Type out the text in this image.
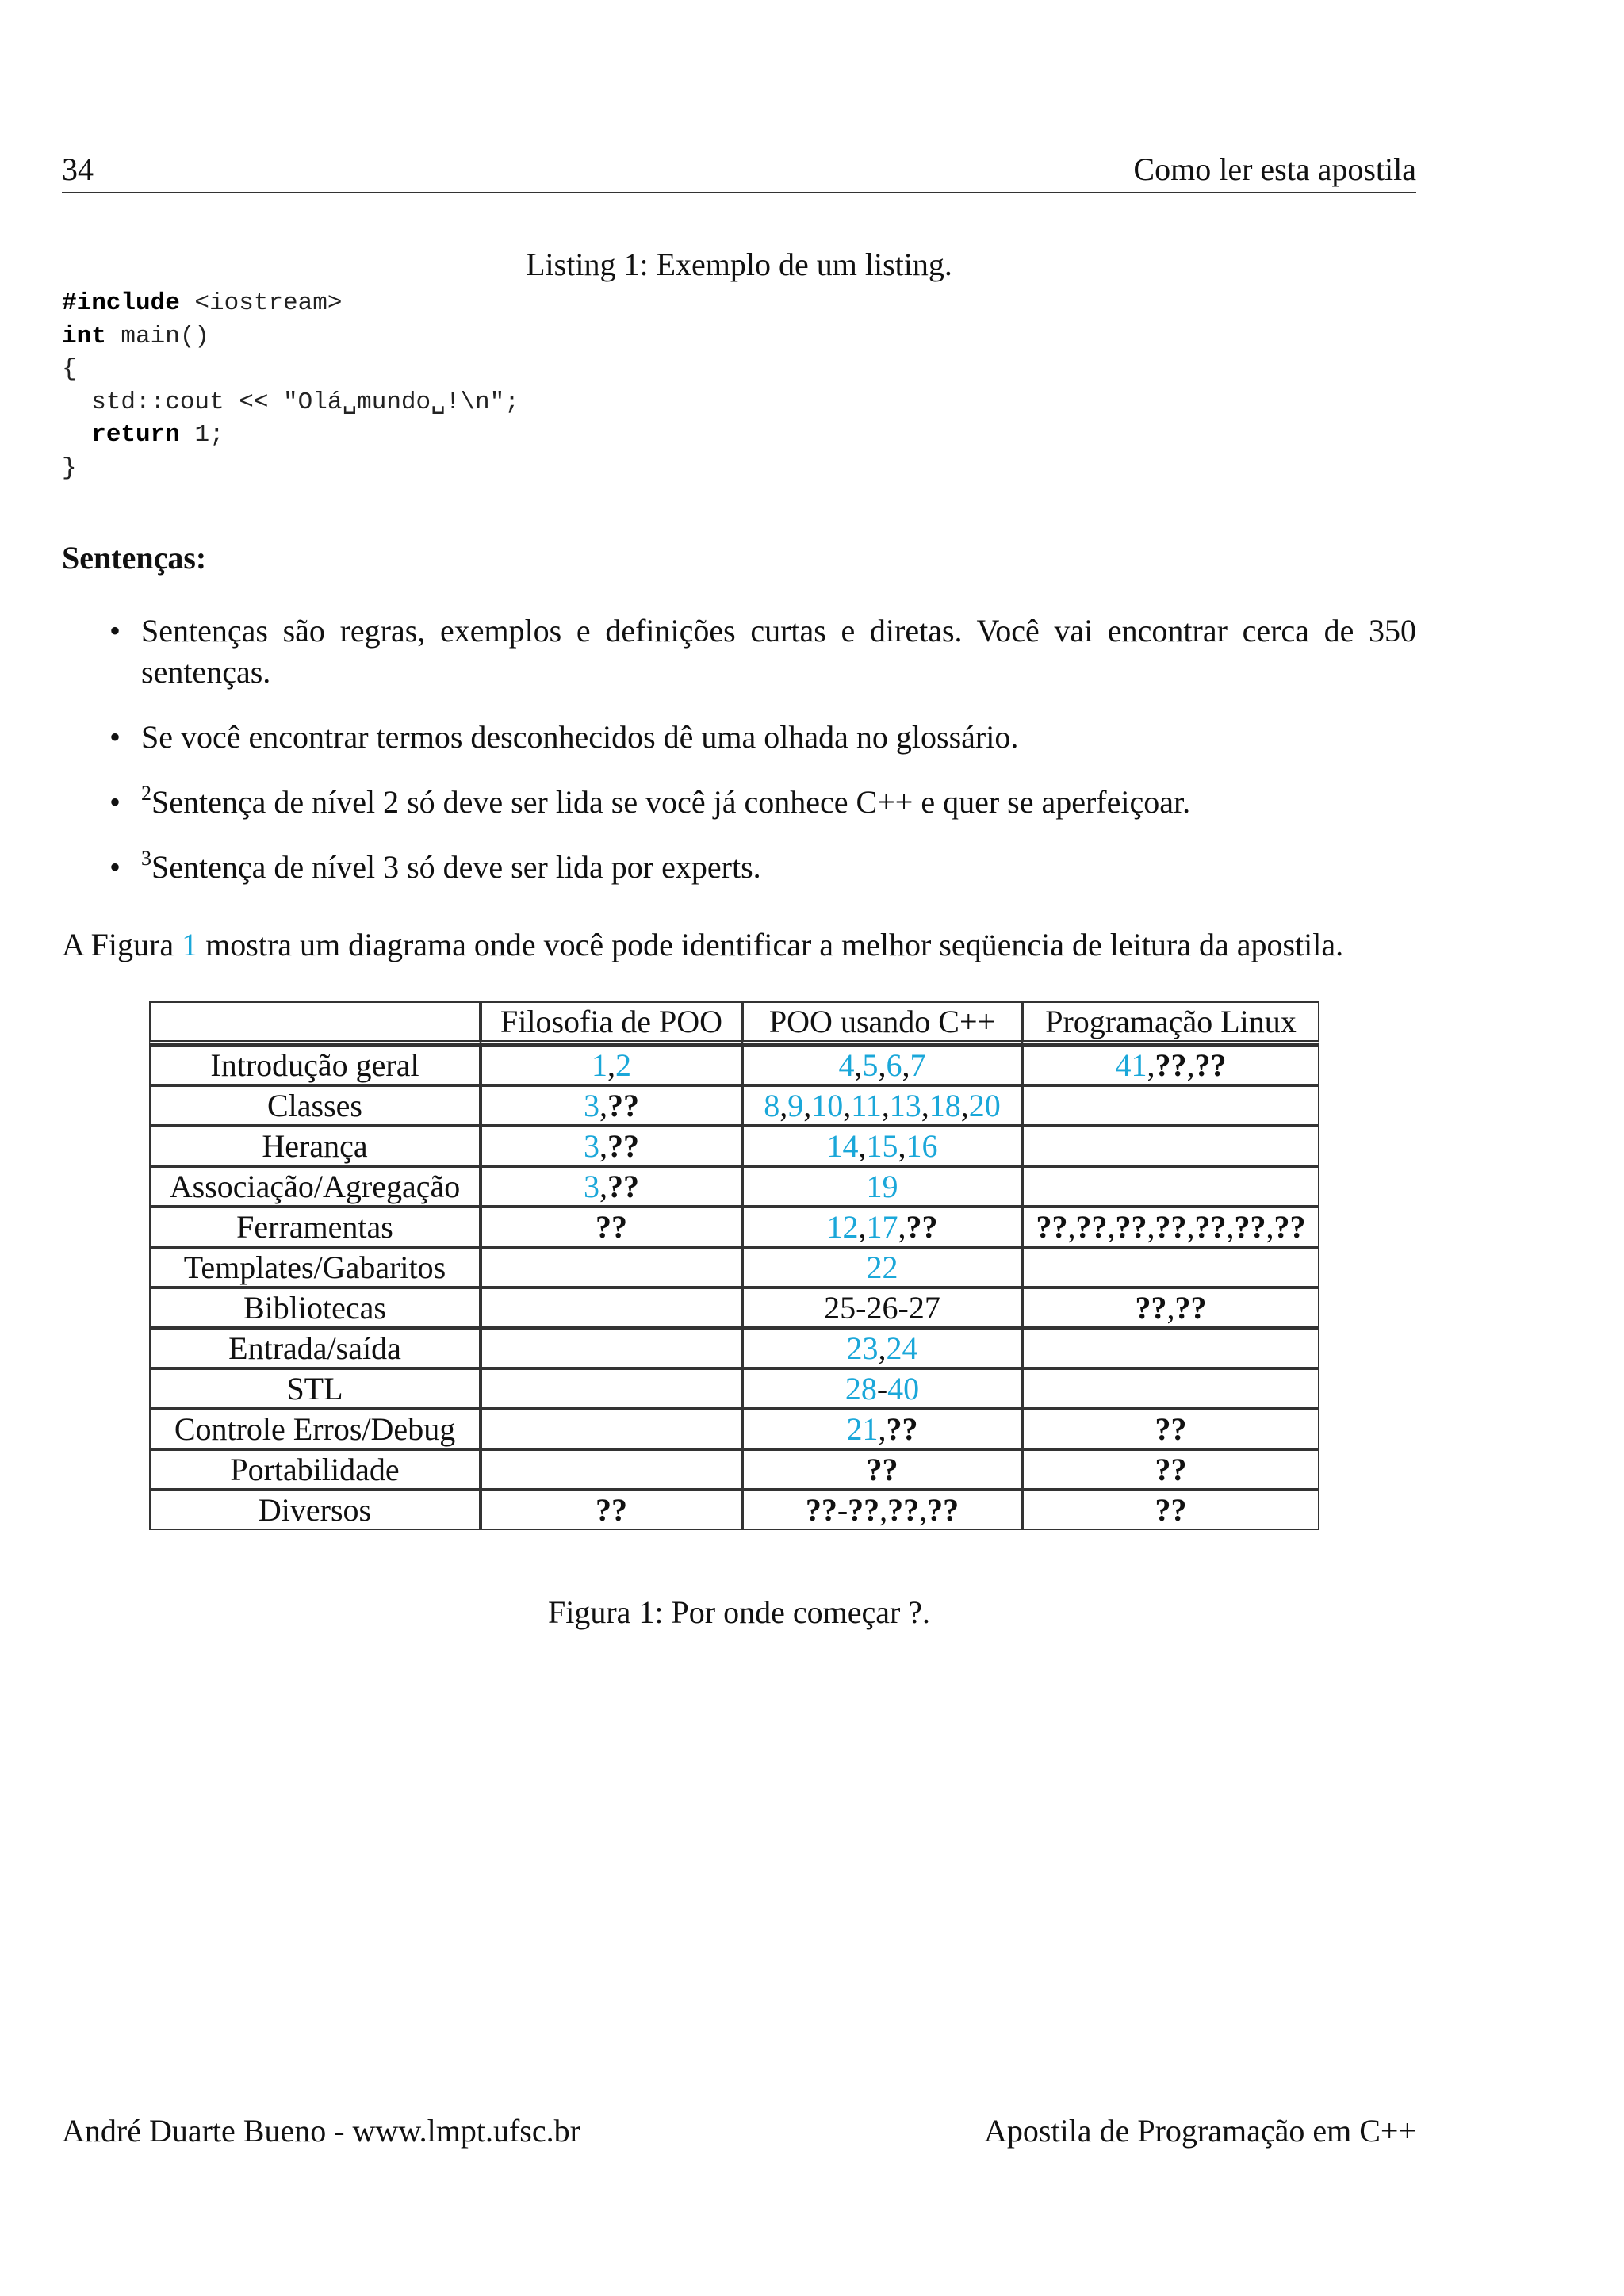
34	Como ler esta apostila
Listing 1: Exemplo de um listing.
#include <iostream>
int main()
{
std::cout << "Olá␣mundo␣!\n";
return 1;
}
Sentenças:
• Sentenças são regras, exemplos e definições curtas e diretas. Você vai encontrar cerca de 350 sentenças.
• Se você encontrar termos desconhecidos dê uma olhada no glossário.
• $^2$Sentença de nível 2 só deve ser lida se você já conhece C++ e quer se aperfeiçoar.
• $^3$Sentença de nível 3 só deve ser lida por experts.
A Figura 1 mostra um diagrama onde você pode identificar a melhor seqüencia de leitura da apostila.
	Filosofia de POO	POO usando C++	Programação Linux
Introdução geral	1,2	4,5,6,7	41,??,??
Classes	3,??	8,9,10,11,13,18,20	
Herança	3,??	14,15,16	
Associação/Agregação	3,??	19	
Ferramentas	??	12,17,??	??,??,??,??,??,??,??
Templates/Gabaritos		22	
Bibliotecas		25-26-27	??,??
Entrada/saída		23,24	
STL		28-40	
Controle Erros/Debug		21,??	??
Portabilidade		??	??
Diversos	??	??-??,??,??	??
Figura 1: Por onde começar ?.
André Duarte Bueno - www.lmpt.ufsc.br	Apostila de Programação em C++
